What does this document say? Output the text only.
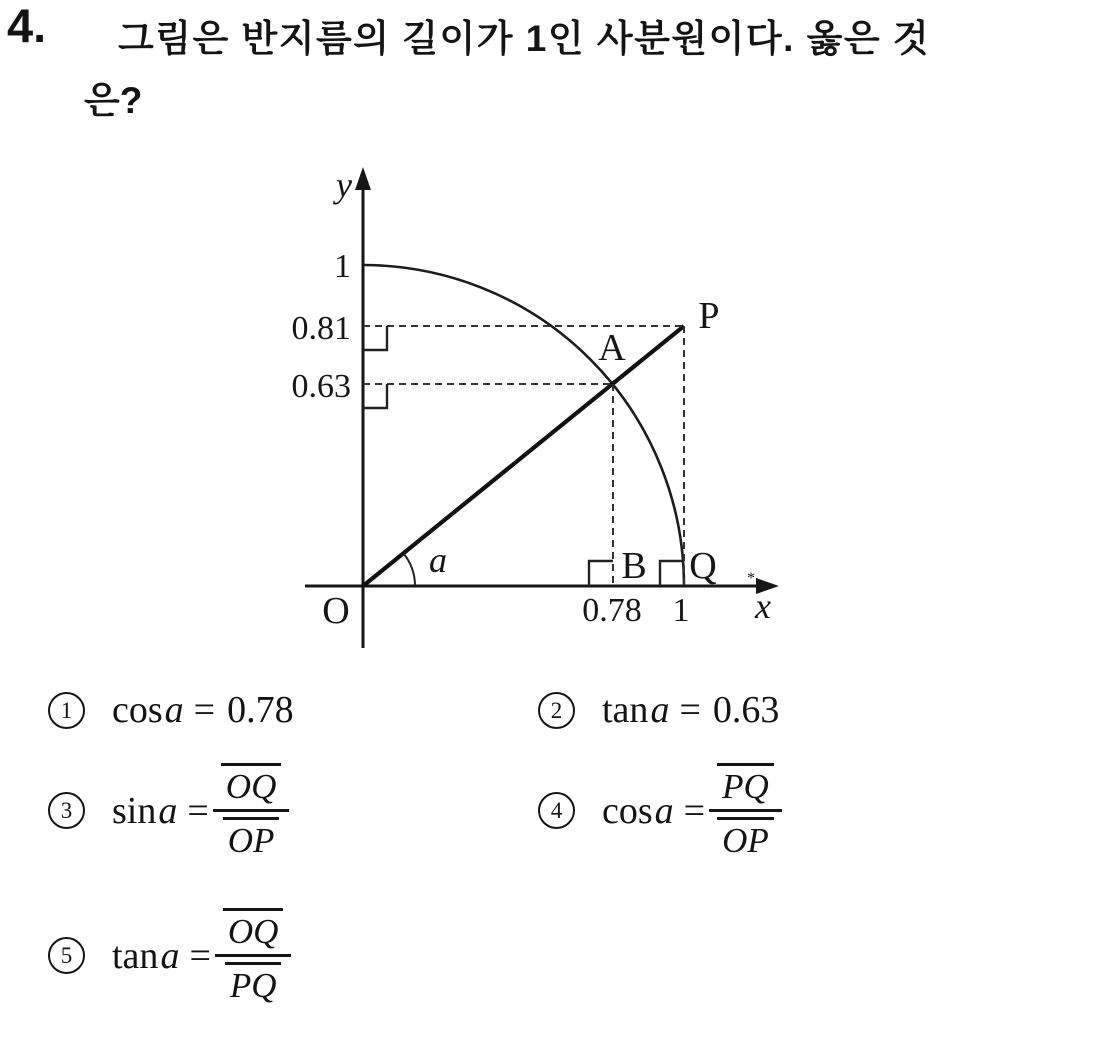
4. 그림은 반지름의 길이가 1인 사분원이다. 옳은 것
은?
*
y
x
1
0.81
0.63
0.78 1
O
P
A
B Q
a
1 cos a = 0.78	2 tan a = 0.63
3 $\sin a = \frac{OQ}{OP}$	4 $\cos a = \frac{PQ}{OP}$
5 $\tan a = \frac{OQ}{PQ}$
